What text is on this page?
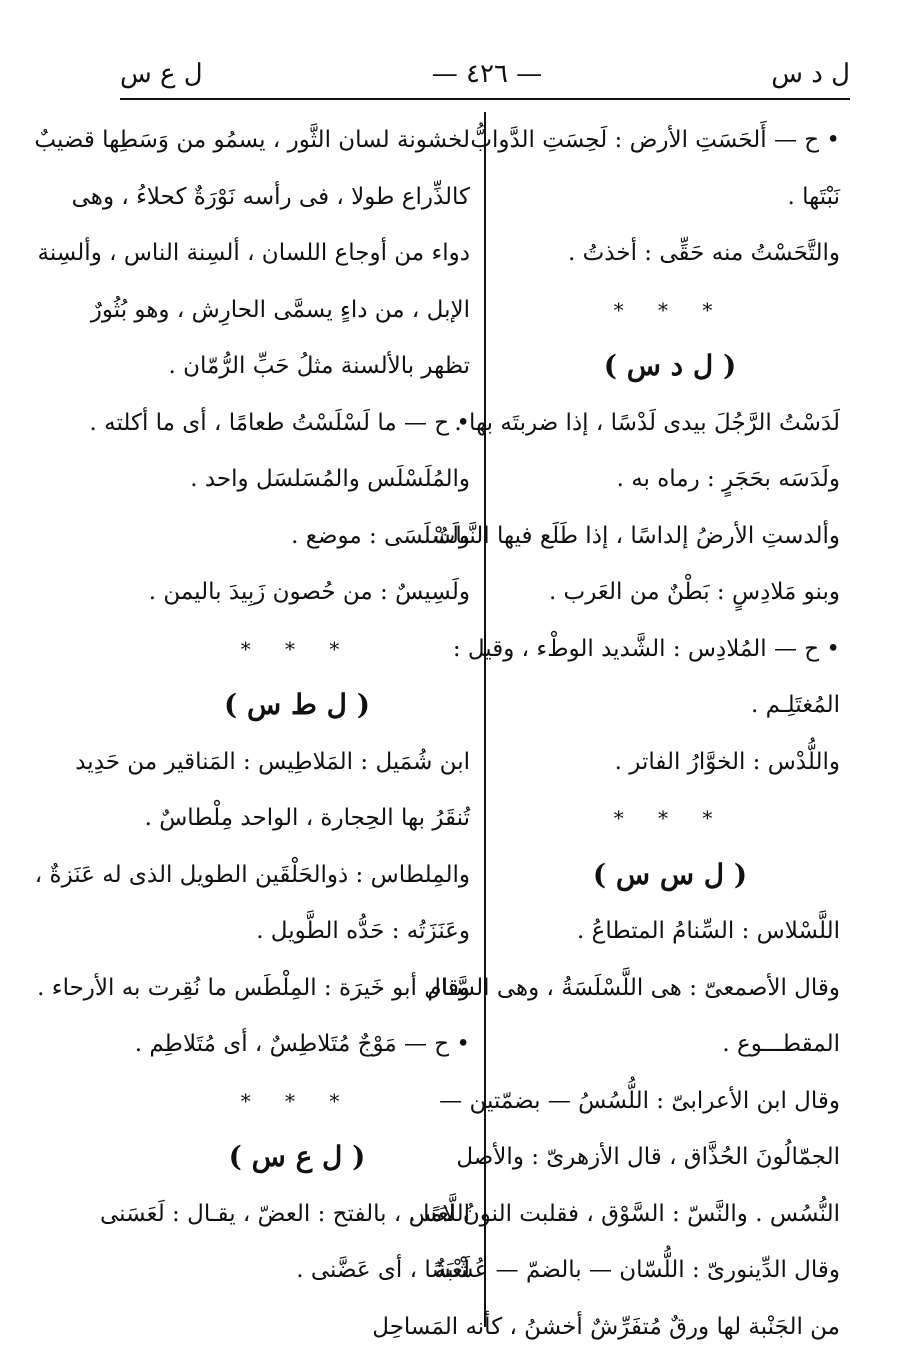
ل د س
— ٤٢٦ —
ل ع س
• ح — أَلحَسَتِ الأرض : لَحِسَتِ الدَّوابُّ
نَبْتَها .
والتَّحَسْتُ منه حَقِّى : أخذتُ .
* * *
( ل د س )
لَدَسْتُ الرَّجُلَ بيدى لَدْسًا ، إذا ضربتَه بها .
ولَدَسَه بحَجَرٍ : رماه به .
وألدستِ الأرضُ إلداسًا ، إذا طَلَع فيها النَّباتُ .
وبنو مَلادِسٍ : بَطْنٌ من العَرب .
• ح — المُلادِس : الشَّديد الوطْء ، وقيل :
المُغتَلِـم .
واللُّدْس : الخوَّارُ الفاتر .
* * *
( ل س س )
اللَّسْلاس : السِّنامُ المتطاعُ .
وقال الأصمعىّ : هى اللَّسْلَسَةُ ، وهى السَّنام
المقطـــوع .
وقال ابن الأعرابىّ : اللُّسُسُ — بضمّتين —
الجمّالُونَ الحُذَّاق ، قال الأزهرىّ : والأصل
النُّسُس . والنَّسّ : السَّوْق ، فقلبت النونُ لامًا .
وقال الدِّينورىّ : اللُّسّان — بالضمّ — عُشْبَةٌ
من الجَنْبة لها ورقٌ مُتفَرِّشٌ أخشنُ ، كأنه المَساحِل
لخشونة لسان الثَّور ، يسمُو من وَسَطِها قضيبٌ
كالذِّراع طولا ، فى رأسه نَوْرَةٌ كحلاءُ ، وهى
دواء من أوجاع اللسان ، ألسِنة الناس ، وألسِنة
الإبل ، من داءٍ يسمَّى الحارِش ، وهو بُثُورٌ
تظهر بالألسنة مثلُ حَبِّ الرُّمّان .
• ح — ما لَسْلَسْتُ طعامًا ، أى ما أكلته .
والمُلَسْلَس والمُسَلسَل واحد .
ولَسْلَسَى : موضع .
ولَسِيسٌ : من حُصون زَبِيدَ باليمن .
* * *
( ل ط س )
ابن شُمَيل : المَلاطِيس : المَناقير من حَدِيد
تُنقَرُ بها الحِجارة ، الواحد مِلْطاسٌ .
والمِلطاس : ذوالحَلْقَين الطويل الذى له عَنَزةٌ ،
وعَنَزَتُه : حَدُّه الطَّويل .
وقال أبو خَيرَة : المِلْطَس ما نُقِرت به الأرحاء .
• ح — مَوْجٌ مُتَلاطِسٌ ، أى مُتَلاطِم .
* * *
( ل ع س )
اللَّعَس ، بالفتح : العضّ ، يقـال : لَعَسَنى
لَعْسًا ، أى عَضَّنى .
